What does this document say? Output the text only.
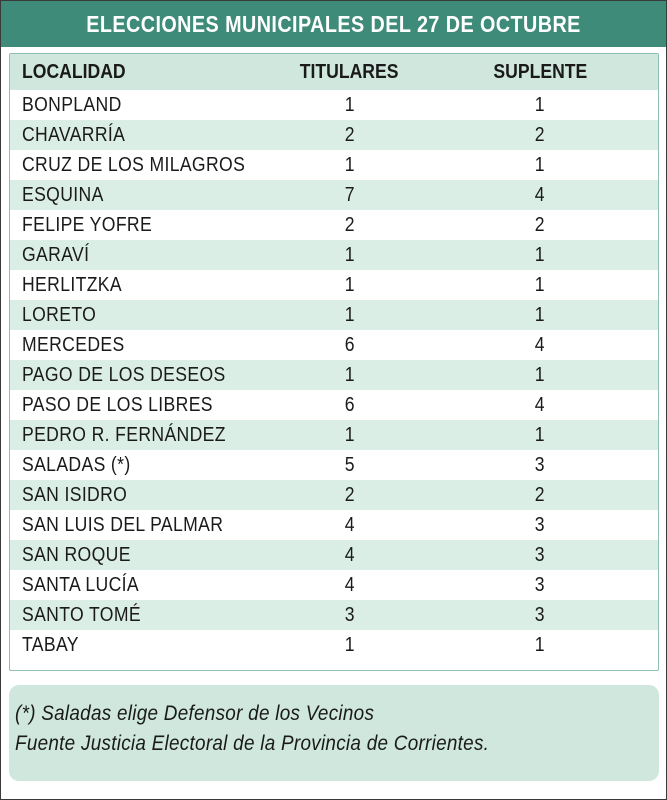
ELECCIONES MUNICIPALES DEL 27 DE OCTUBRE
LOCALIDAD	TITULARES	SUPLENTE
BONPLAND	1	1
CHAVARRÍA	2	2
CRUZ DE LOS MILAGROS	1	1
ESQUINA	7	4
FELIPE YOFRE	2	2
GARAVÍ	1	1
HERLITZKA	1	1
LORETO	1	1
MERCEDES	6	4
PAGO DE LOS DESEOS	1	1
PASO DE LOS LIBRES	6	4
PEDRO R. FERNÁNDEZ	1	1
SALADAS (*)	5	3
SAN ISIDRO	2	2
SAN LUIS DEL PALMAR	4	3
SAN ROQUE	4	3
SANTA LUCÍA	4	3
SANTO TOMÉ	3	3
TABAY	1	1
(*) Saladas elige Defensor de los Vecinos
Fuente Justicia Electoral de la Provincia de Corrientes.
